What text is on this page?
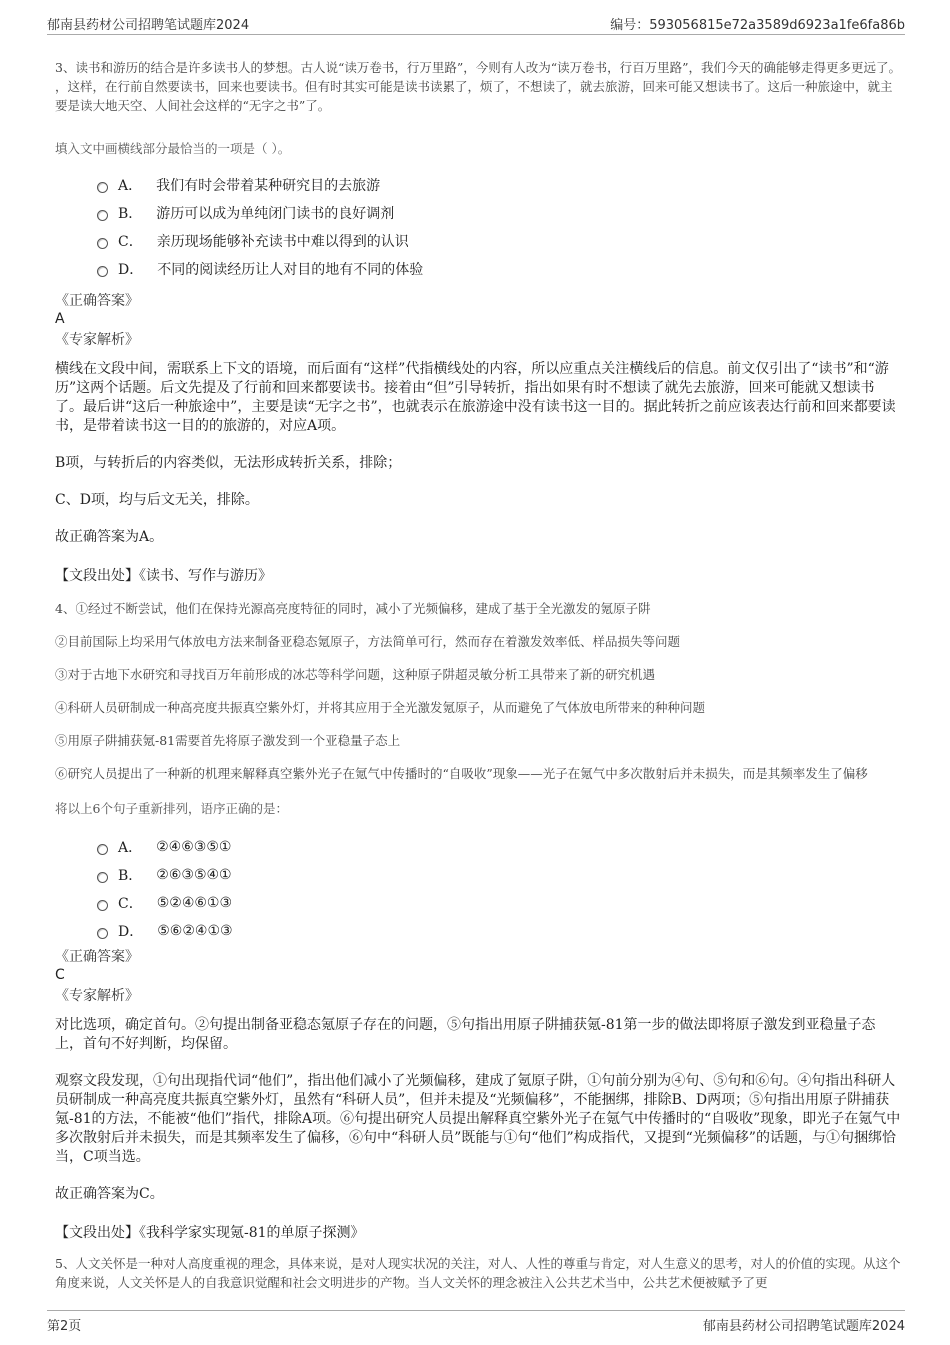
郁南县药材公司招聘笔试题库2024	编号：593056815e72a3589d6923a1fe6fa86b

3、读书和游历的结合是许多读书人的梦想。古人说“读万卷书，行万里路”，今则有人改为“读万卷书，行百万里路”，我们今天的确能够走得更多更远了。 ，这样，在行前自然要读书，回来也要读书。但有时其实可能是读书读累了，烦了，不想读了，就去旅游，回来可能又想读书了。这后一种旅途中，就主要是读大地天空、人间社会这样的“无字之书”了。

填入文中画横线部分最恰当的一项是（ ）。

A． 我们有时会带着某种研究目的去旅游
B． 游历可以成为单纯闭门读书的良好调剂
C． 亲历现场能够补充读书中难以得到的认识
D． 不同的阅读经历让人对目的地有不同的体验

《正确答案》

A

《专家解析》

横线在文段中间，需联系上下文的语境，而后面有“这样”代指横线处的内容，所以应重点关注横线后的信息。前文仅引出了“读书”和“游历”这两个话题。后文先提及了行前和回来都要读书。接着由“但”引导转折，指出如果有时不想读了就先去旅游，回来可能就又想读书了。最后讲“这后一种旅途中”，主要是读“无字之书”，也就表示在旅游途中没有读书这一目的。据此转折之前应该表达行前和回来都要读书，是带着读书这一目的的旅游的，对应A项。

B项，与转折后的内容类似，无法形成转折关系，排除；

C、D项，均与后文无关，排除。

故正确答案为A。

【文段出处】《读书、写作与游历》

4、①经过不断尝试，他们在保持光源高亮度特征的同时，减小了光频偏移，建成了基于全光激发的氪原子阱

②目前国际上均采用气体放电方法来制备亚稳态氪原子，方法简单可行，然而存在着激发效率低、样品损失等问题

③对于古地下水研究和寻找百万年前形成的冰芯等科学问题，这种原子阱超灵敏分析工具带来了新的研究机遇

④科研人员研制成一种高亮度共振真空紫外灯，并将其应用于全光激发氪原子，从而避免了气体放电所带来的种种问题

⑤用原子阱捕获氪-81需要首先将原子激发到一个亚稳量子态上

⑥研究人员提出了一种新的机理来解释真空紫外光子在氪气中传播时的“自吸收”现象——光子在氪气中多次散射后并未损失，而是其频率发生了偏移

将以上6个句子重新排列，语序正确的是：

A． ②④⑥③⑤①
B． ②⑥③⑤④①
C． ⑤②④⑥①③
D． ⑤⑥②④①③

《正确答案》

C

《专家解析》

对比选项，确定首句。②句提出制备亚稳态氪原子存在的问题，⑤句指出用原子阱捕获氪-81第一步的做法即将原子激发到亚稳量子态上，首句不好判断，均保留。

观察文段发现，①句出现指代词“他们”，指出他们减小了光频偏移，建成了氪原子阱，①句前分别为④句、⑤句和⑥句。④句指出科研人员研制成一种高亮度共振真空紫外灯，虽然有“科研人员”，但并未提及“光频偏移”，不能捆绑，排除B、D两项；⑤句指出用原子阱捕获氪-81的方法，不能被“他们”指代，排除A项。⑥句提出研究人员提出解释真空紫外光子在氪气中传播时的“自吸收”现象，即光子在氪气中多次散射后并未损失，而是其频率发生了偏移，⑥句中“科研人员”既能与①句“他们”构成指代，又提到“光频偏移”的话题，与①句捆绑恰当，C项当选。

故正确答案为C。

【文段出处】《我科学家实现氪-81的单原子探测》

5、人文关怀是一种对人高度重视的理念，具体来说，是对人现实状况的关注，对人、人性的尊重与肯定，对人生意义的思考，对人的价值的实现。从这个角度来说，人文关怀是人的自我意识觉醒和社会文明进步的产物。当人文关怀的理念被注入公共艺术当中，公共艺术便被赋予了更

第2页	郁南县药材公司招聘笔试题库2024
